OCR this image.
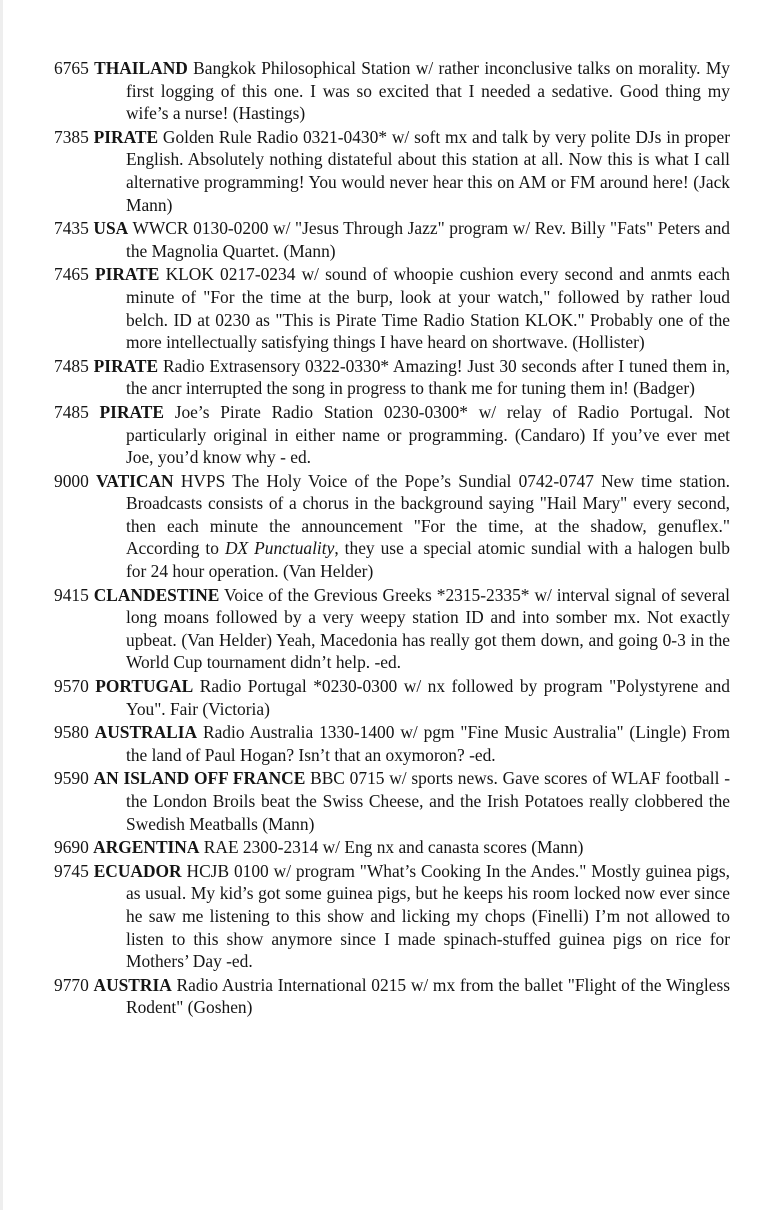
6765 THAILAND Bangkok Philosophical Station w/ rather inconclusive talks on morality. My first logging of this one. I was so excited that I needed a sedative. Good thing my wife’s a nurse! (Hastings)

7385 PIRATE Golden Rule Radio 0321-0430* w/ soft mx and talk by very polite DJs in proper English. Absolutely nothing distateful about this station at all. Now this is what I call alternative programming! You would never hear this on AM or FM around here! (Jack Mann)

7435 USA WWCR 0130-0200 w/ "Jesus Through Jazz" program w/ Rev. Billy "Fats" Peters and the Magnolia Quartet. (Mann)

7465 PIRATE KLOK 0217-0234 w/ sound of whoopie cushion every second and anmts each minute of "For the time at the burp, look at your watch," followed by rather loud belch. ID at 0230 as "This is Pirate Time Radio Station KLOK." Probably one of the more intellectually satisfying things I have heard on shortwave. (Hollister)

7485 PIRATE Radio Extrasensory 0322-0330* Amazing! Just 30 seconds after I tuned them in, the ancr interrupted the song in progress to thank me for tuning them in! (Badger)

7485 PIRATE Joe’s Pirate Radio Station 0230-0300* w/ relay of Radio Portugal. Not particularly original in either name or programming. (Candaro) If you’ve ever met Joe, you’d know why - ed.

9000 VATICAN HVPS The Holy Voice of the Pope’s Sundial 0742-0747 New time station. Broadcasts consists of a chorus in the background saying "Hail Mary" every second, then each minute the announcement "For the time, at the shadow, genuflex." According to DX Punctuality, they use a special atomic sundial with a halogen bulb for 24 hour operation. (Van Helder)

9415 CLANDESTINE Voice of the Grevious Greeks *2315-2335* w/ interval signal of several long moans followed by a very weepy station ID and into somber mx. Not exactly upbeat. (Van Helder) Yeah, Macedonia has really got them down, and going 0-3 in the World Cup tournament didn’t help. -ed.

9570 PORTUGAL Radio Portugal *0230-0300 w/ nx followed by program "Polystyrene and You". Fair (Victoria)

9580 AUSTRALIA Radio Australia 1330-1400 w/ pgm "Fine Music Australia" (Lingle) From the land of Paul Hogan? Isn’t that an oxymoron? -ed.

9590 AN ISLAND OFF FRANCE BBC 0715 w/ sports news. Gave scores of WLAF football - the London Broils beat the Swiss Cheese, and the Irish Potatoes really clobbered the Swedish Meatballs (Mann)

9690 ARGENTINA RAE 2300-2314 w/ Eng nx and canasta scores (Mann)

9745 ECUADOR HCJB 0100 w/ program "What’s Cooking In the Andes." Mostly guinea pigs, as usual. My kid’s got some guinea pigs, but he keeps his room locked now ever since he saw me listening to this show and licking my chops (Finelli) I’m not allowed to listen to this show anymore since I made spinach-stuffed guinea pigs on rice for Mothers’ Day -ed.

9770 AUSTRIA Radio Austria International 0215 w/ mx from the ballet "Flight of the Wingless Rodent" (Goshen)
